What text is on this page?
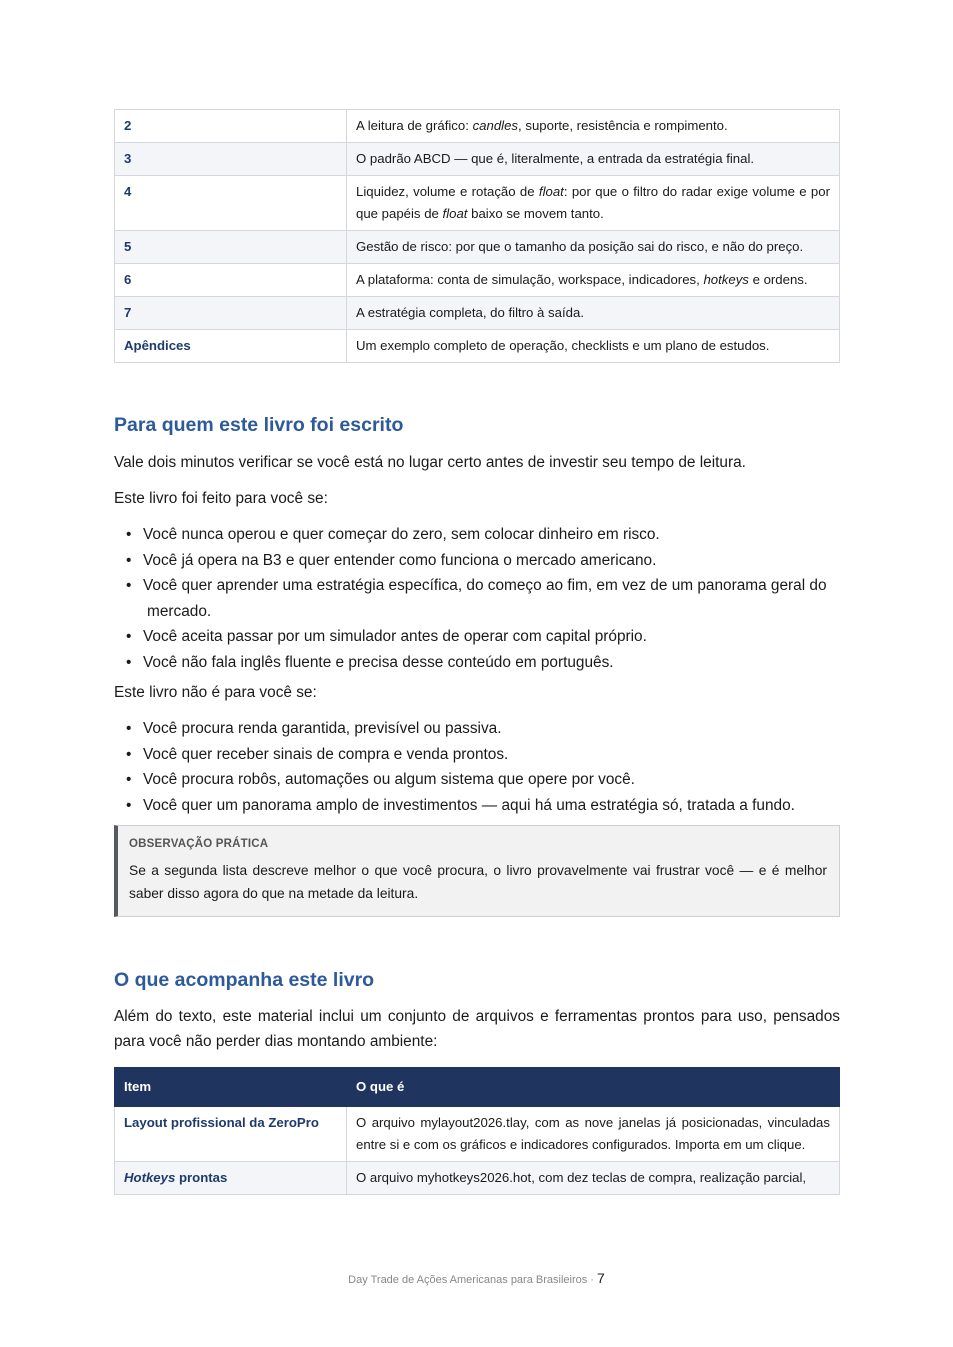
2	A leitura de gráfico: candles, suporte, resistência e rompimento.
3	O padrão ABCD — que é, literalmente, a entrada da estratégia final.
4	Liquidez, volume e rotação de float: por que o filtro do radar exige volume e por que papéis de float baixo se movem tanto.
5	Gestão de risco: por que o tamanho da posição sai do risco, e não do preço.
6	A plataforma: conta de simulação, workspace, indicadores, hotkeys e ordens.
7	A estratégia completa, do filtro à saída.
Apêndices	Um exemplo completo de operação, checklists e um plano de estudos.
Para quem este livro foi escrito

Vale dois minutos verificar se você está no lugar certo antes de investir seu tempo de leitura.

Este livro foi feito para você se:

• Você nunca operou e quer começar do zero, sem colocar dinheiro em risco.
• Você já opera na B3 e quer entender como funciona o mercado americano.
• Você quer aprender uma estratégia específica, do começo ao fim, em vez de um panorama geral do mercado.
• Você aceita passar por um simulador antes de operar com capital próprio.
• Você não fala inglês fluente e precisa desse conteúdo em português.

Este livro não é para você se:

• Você procura renda garantida, previsível ou passiva.
• Você quer receber sinais de compra e venda prontos.
• Você procura robôs, automações ou algum sistema que opere por você.
• Você quer um panorama amplo de investimentos — aqui há uma estratégia só, tratada a fundo.
OBSERVAÇÃO PRÁTICA
Se a segunda lista descreve melhor o que você procura, o livro provavelmente vai frustrar você — e é melhor saber disso agora do que na metade da leitura.
O que acompanha este livro

Além do texto, este material inclui um conjunto de arquivos e ferramentas prontos para uso, pensados para você não perder dias montando ambiente:

Item	O que é
Layout profissional da ZeroPro	O arquivo mylayout2026.tlay, com as nove janelas já posicionadas, vinculadas entre si e com os gráficos e indicadores configurados. Importa em um clique.
Hotkeys prontas	O arquivo myhotkeys2026.hot, com dez teclas de compra, realização parcial,
Day Trade de Ações Americanas para Brasileiros · 7
